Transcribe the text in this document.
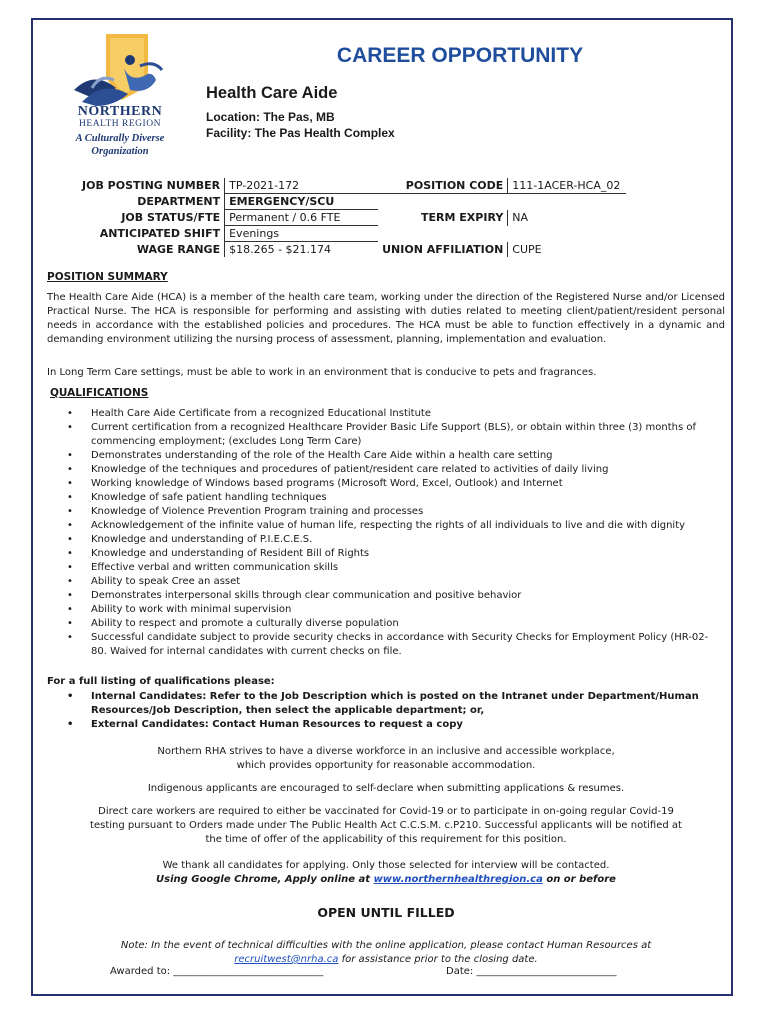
NORTHERN
HEALTH REGION
A Culturally Diverse
Organization
CAREER OPPORTUNITY
Health Care Aide
Location: The Pas, MB
Facility: The Pas Health Complex
JOB POSTING NUMBER	TP-2021-172	POSITION CODE	111-1ACER-HCA_02
DEPARTMENT	EMERGENCY/SCU		
JOB STATUS/FTE	Permanent / 0.6 FTE	TERM EXPIRY	NA
ANTICIPATED SHIFT	Evenings		
WAGE RANGE	$18.265 - $21.174	UNION AFFILIATION	CUPE
POSITION SUMMARY
The Health Care Aide (HCA) is a member of the health care team, working under the direction of the Registered Nurse and/or Licensed Practical Nurse. The HCA is responsible for performing and assisting with duties related to meeting client/patient/resident personal needs in accordance with the established policies and procedures. The HCA must be able to function effectively in a dynamic and demanding environment utilizing the nursing process of assessment, planning, implementation and evaluation.
In Long Term Care settings, must be able to work in an environment that is conducive to pets and fragrances.
QUALIFICATIONS
• Health Care Aide Certificate from a recognized Educational Institute
• Current certification from a recognized Healthcare Provider Basic Life Support (BLS), or obtain within three (3) months of commencing employment; (excludes Long Term Care)
• Demonstrates understanding of the role of the Health Care Aide within a health care setting
• Knowledge of the techniques and procedures of patient/resident care related to activities of daily living
• Working knowledge of Windows based programs (Microsoft Word, Excel, Outlook) and Internet
• Knowledge of safe patient handling techniques
• Knowledge of Violence Prevention Program training and processes
• Acknowledgement of the infinite value of human life, respecting the rights of all individuals to live and die with dignity
• Knowledge and understanding of P.I.E.C.E.S.
• Knowledge and understanding of Resident Bill of Rights
• Effective verbal and written communication skills
• Ability to speak Cree an asset
• Demonstrates interpersonal skills through clear communication and positive behavior
• Ability to work with minimal supervision
• Ability to respect and promote a culturally diverse population
• Successful candidate subject to provide security checks in accordance with Security Checks for Employment Policy (HR-02-80. Waived for internal candidates with current checks on file.
For a full listing of qualifications please:
• Internal Candidates: Refer to the Job Description which is posted on the Intranet under Department/Human Resources/Job Description, then select the applicable department; or,
• External Candidates: Contact Human Resources to request a copy
Northern RHA strives to have a diverse workforce in an inclusive and accessible workplace,
which provides opportunity for reasonable accommodation.
Indigenous applicants are encouraged to self-declare when submitting applications & resumes.
Direct care workers are required to either be vaccinated for Covid-19 or to participate in on-going regular Covid-19
testing pursuant to Orders made under The Public Health Act C.C.S.M. c.P210. Successful applicants will be notified at
the time of offer of the applicability of this requirement for this position.
We thank all candidates for applying. Only those selected for interview will be contacted.
Using Google Chrome, Apply online at www.northernhealthregion.ca on or before
OPEN UNTIL FILLED
Note: In the event of technical difficulties with the online application, please contact Human Resources at
recruitwest@nrha.ca for assistance prior to the closing date.
Awarded to: ______________________________	Date: ____________________________
